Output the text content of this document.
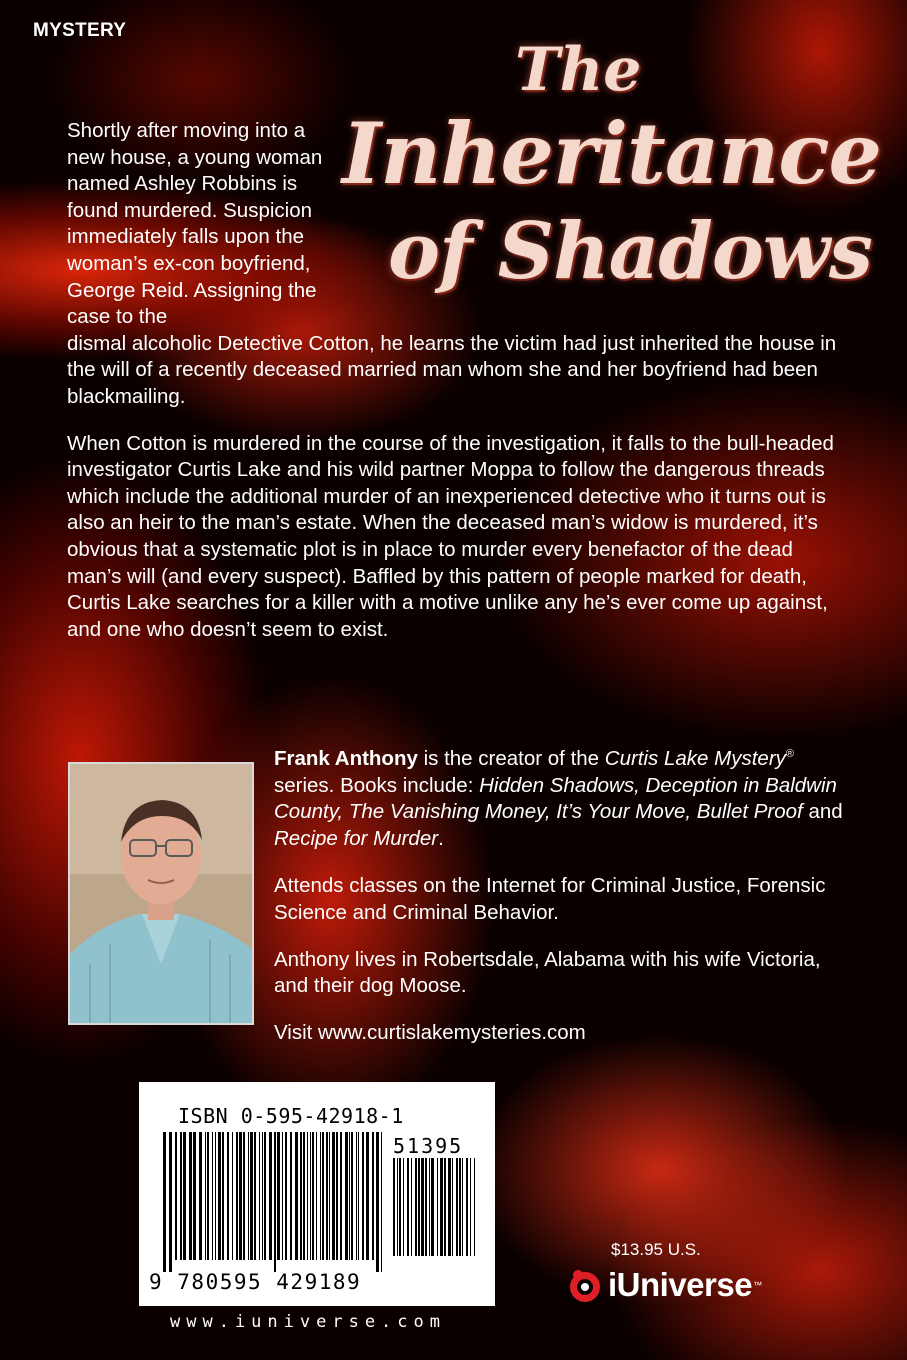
MYSTERY
The
Inheritance
of Shadows

Shortly after moving into a new house, a young woman named Ashley Robbins is found murdered. Suspicion immediately falls upon the woman’s ex-con boyfriend, George Reid. Assigning the case to the
dismal alcoholic Detective Cotton, he learns the victim had just inherited the house in the will of a recently deceased married man whom she and her boyfriend had been blackmailing.

When Cotton is murdered in the course of the investigation, it falls to the bull-headed investigator Curtis Lake and his wild partner Moppa to follow the dangerous threads which include the additional murder of an inexperienced detective who it turns out is also an heir to the man’s estate. When the deceased man’s widow is murdered, it’s obvious that a systematic plot is in place to murder every benefactor of the dead man’s will (and every suspect). Baffled by this pattern of people marked for death, Curtis Lake searches for a killer with a motive unlike any he’s ever come up against, and one who doesn’t seem to exist.

Frank Anthony is the creator of the Curtis Lake Mystery® series. Books include: Hidden Shadows, Deception in Baldwin County, The Vanishing Money, It’s Your Move, Bullet Proof and Recipe for Murder.

Attends classes on the Internet for Criminal Justice, Forensic Science and Criminal Behavior.

Anthony lives in Robertsdale, Alabama with his wife Victoria, and their dog Moose.

Visit www.curtislakemysteries.com

ISBN 0-595-42918-1
51395
9 780595 429189
www.iuniverse.com
$13.95 U.S.
iUniverse ™
